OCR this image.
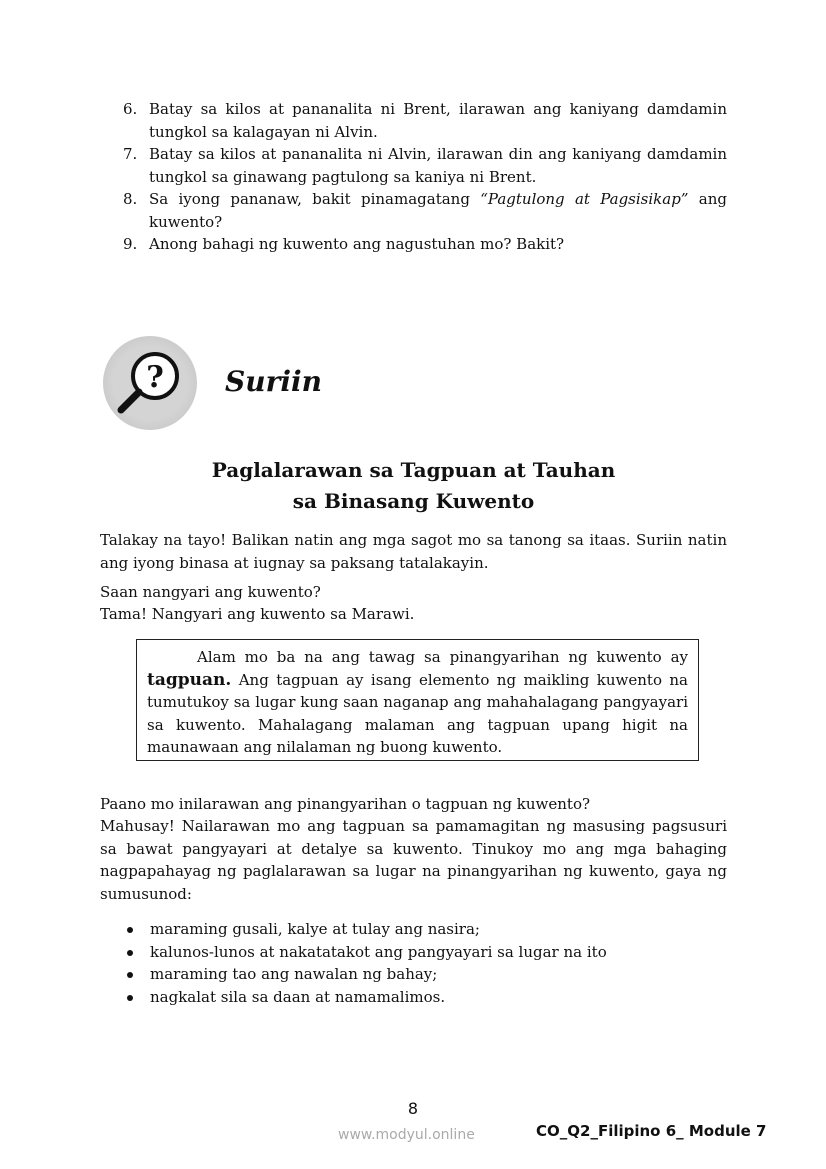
6. Batay sa kilos at pananalita ni Brent, ilarawan ang kaniyang damdamin tungkol sa kalagayan ni Alvin.
7. Batay sa kilos at pananalita ni Alvin, ilarawan din ang kaniyang damdamin tungkol sa ginawang pagtulong sa kaniya ni Brent.
8. Sa iyong pananaw, bakit pinamagatang “Pagtulong at Pagsisikap” ang kuwento?
9. Anong bahagi ng kuwento ang nagustuhan mo? Bakit?
? Suriin
Paglalarawan sa Tagpuan at Tauhan
sa Binasang Kuwento

Talakay na tayo! Balikan natin ang mga sagot mo sa tanong sa itaas. Suriin natin ang iyong binasa at iugnay sa paksang tatalakayin.

Saan nangyari ang kuwento?

Tama! Nangyari ang kuwento sa Marawi.

Alam mo ba na ang tawag sa pinangyarihan ng kuwento ay tagpuan. Ang tagpuan ay isang elemento ng maikling kuwento na tumutukoy sa lugar kung saan naganap ang mahahalagang pangyayari sa kuwento. Mahalagang malaman ang tagpuan upang higit na maunawaan ang nilalaman ng buong kuwento.

Paano mo inilarawan ang pinangyarihan o tagpuan ng kuwento?

Mahusay! Nailarawan mo ang tagpuan sa pamamagitan ng masusing pagsusuri sa bawat pangyayari at detalye sa kuwento. Tinukoy mo ang mga bahaging nagpapahayag ng paglalarawan sa lugar na pinangyarihan ng kuwento, gaya ng sumusunod:

maraming gusali, kalye at tulay ang nasira;
kalunos-lunos at nakatatakot ang pangyayari sa lugar na ito
maraming tao ang nawalan ng bahay;
nagkalat sila sa daan at namamalimos.
8
www.modyul.online	CO_Q2_Filipino 6_ Module 7
